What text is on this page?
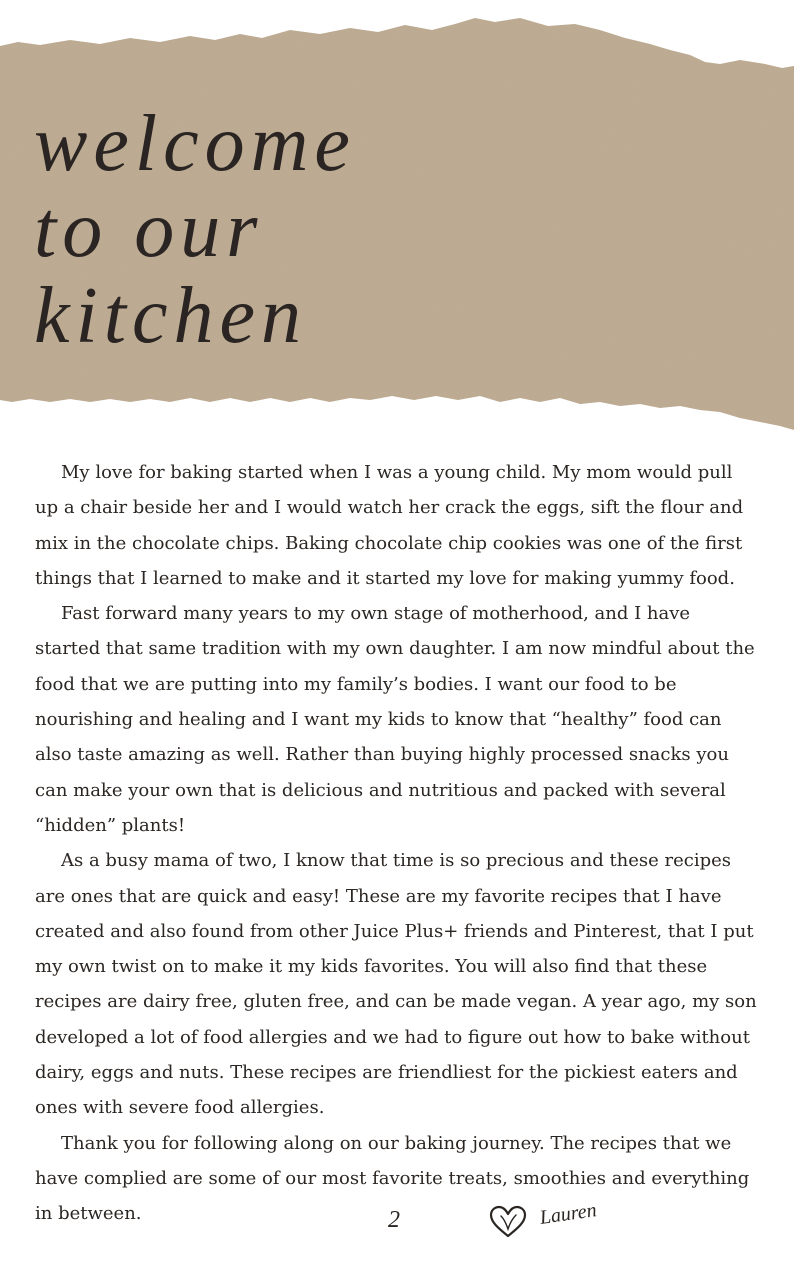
welcome
to our
kitchen

My love for baking started when I was a young child. My mom would pull up a chair beside her and I would watch her crack the eggs, sift the flour and mix in the chocolate chips. Baking chocolate chip cookies was one of the first things that I learned to make and it started my love for making yummy food.

Fast forward many years to my own stage of motherhood, and I have started that same tradition with my own daughter. I am now mindful about the food that we are putting into my family’s bodies. I want our food to be nourishing and healing and I want my kids to know that “healthy” food can also taste amazing as well. Rather than buying highly processed snacks you can make your own that is delicious and nutritious and packed with several “hidden” plants!

As a busy mama of two, I know that time is so precious and these recipes are ones that are quick and easy! These are my favorite recipes that I have created and also found from other Juice Plus+ friends and Pinterest, that I put my own twist on to make it my kids favorites. You will also find that these recipes are dairy free, gluten free, and can be made vegan. A year ago, my son developed a lot of food allergies and we had to figure out how to bake without dairy, eggs and nuts. These recipes are friendliest for the pickiest eaters and ones with severe food allergies.

Thank you for following along on our baking journey. The recipes that we have complied are some of our most favorite treats, smoothies and everything in between.	2	Lauren
